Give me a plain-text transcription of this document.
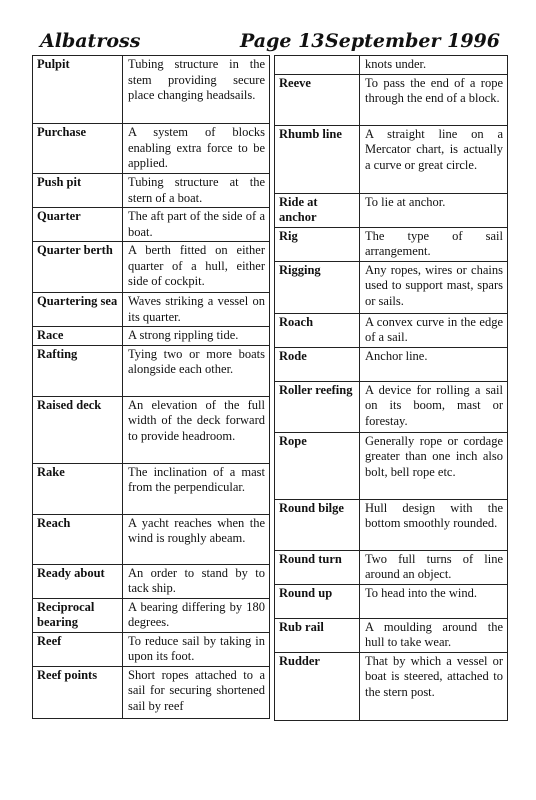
Albatross	Page 13 September 1996
Pulpit	Tubing structure in the stem providing secure place changing headsails.
Purchase	A system of blocks enabling extra force to be applied.
Push pit	Tubing structure at the stern of a boat.
Quarter	The aft part of the side of a boat.
Quarter berth	A berth fitted on either quarter of a hull, either side of cockpit.
Quartering sea	Waves striking a vessel on its quarter.
Race	A strong rippling tide.
Rafting	Tying two or more boats alongside each other.
Raised deck	An elevation of the full width of the deck forward to provide headroom.
Rake	The inclination of a mast from the perpendicular.
Reach	A yacht reaches when the wind is roughly abeam.
Ready about	An order to stand by to tack ship.
Reciprocal bearing	A bearing differing by 180 degrees.
Reef	To reduce sail by taking in upon its foot.
Reef points	Short ropes attached to a sail for securing shortened sail by reef
	knots under.
Reeve	To pass the end of a rope through the end of a block.
Rhumb line	A straight line on a Mercator chart, is actually a curve or great circle.
Ride at anchor	To lie at anchor.
Rig	The type of sail arrangement.
Rigging	Any ropes, wires or chains used to support mast, spars or sails.
Roach	A convex curve in the edge of a sail.
Rode	Anchor line.
Roller reefing	A device for rolling a sail on its boom, mast or forestay.
Rope	Generally rope or cordage greater than one inch also bolt, bell rope etc.
Round bilge	Hull design with the bottom smoothly rounded.
Round turn	Two full turns of line around an object.
Round up	To head into the wind.
Rub rail	A moulding around the hull to take wear.
Rudder	That by which a vessel or boat is steered, attached to the stern post.
